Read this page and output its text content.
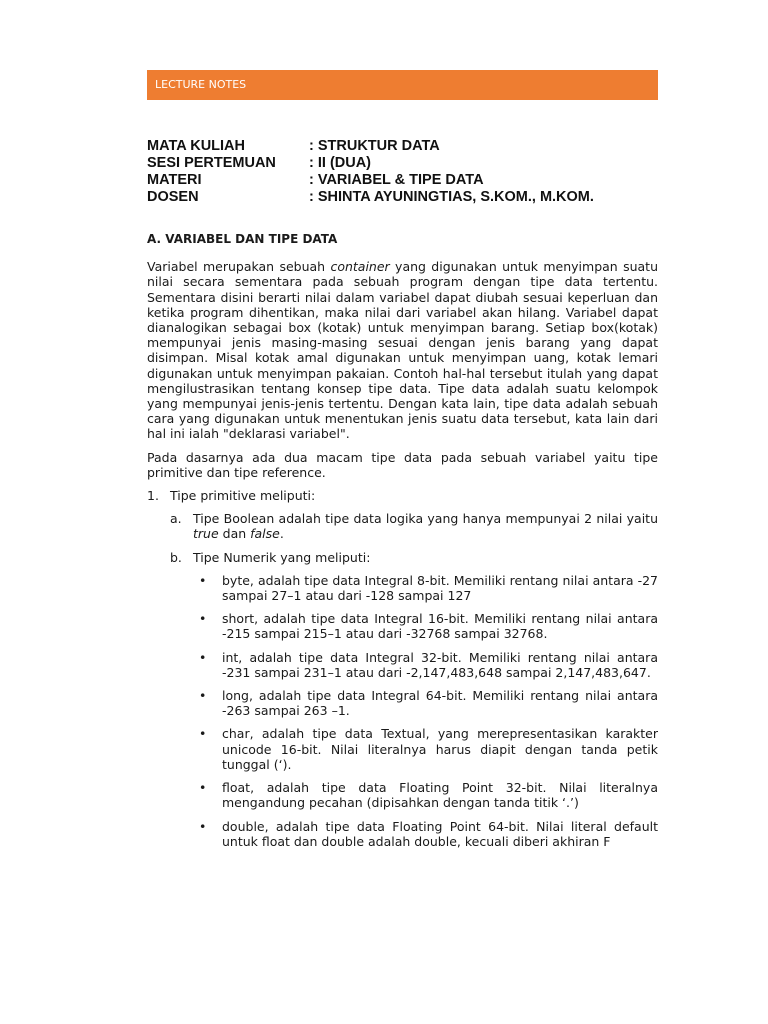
LECTURE NOTES
MATA KULIAH	: STRUKTUR DATA
SESI PERTEMUAN	: II (DUA)
MATERI	: VARIABEL & TIPE DATA
DOSEN	: SHINTA AYUNINGTIAS, S.KOM., M.KOM.
A. VARIABEL DAN TIPE DATA

Variabel merupakan sebuah container yang digunakan untuk menyimpan suatu nilai secara sementara pada sebuah program dengan tipe data tertentu. Sementara disini berarti nilai dalam variabel dapat diubah sesuai keperluan dan ketika program dihentikan, maka nilai dari variabel akan hilang. Variabel dapat dianalogikan sebagai box (kotak) untuk menyimpan barang. Setiap box(kotak) mempunyai jenis masing-masing sesuai dengan jenis barang yang dapat disimpan. Misal kotak amal digunakan untuk menyimpan uang, kotak lemari digunakan untuk menyimpan pakaian. Contoh hal-hal tersebut itulah yang dapat mengilustrasikan tentang konsep tipe data. Tipe data adalah suatu kelompok yang mempunyai jenis-jenis tertentu. Dengan kata lain, tipe data adalah sebuah cara yang digunakan untuk menentukan jenis suatu data tersebut, kata lain dari hal ini ialah "deklarasi variabel".

Pada dasarnya ada dua macam tipe data pada sebuah variabel yaitu tipe primitive dan tipe reference.

1. Tipe primitive meliputi:
a. Tipe Boolean adalah tipe data logika yang hanya mempunyai 2 nilai yaitu true dan false.
b. Tipe Numerik yang meliputi:
•	byte, adalah tipe data Integral 8-bit. Memiliki rentang nilai antara -27 sampai 27–1 atau dari -128 sampai 127
•	short, adalah tipe data Integral 16-bit. Memiliki rentang nilai antara -215 sampai 215–1 atau dari -32768 sampai 32768.
•	int, adalah tipe data Integral 32-bit. Memiliki rentang nilai antara -231 sampai 231–1 atau dari -2,147,483,648 sampai 2,147,483,647.
•	long, adalah tipe data Integral 64-bit. Memiliki rentang nilai antara -263 sampai 263 –1.
•	char, adalah tipe data Textual, yang merepresentasikan karakter unicode 16-bit. Nilai literalnya harus diapit dengan tanda petik tunggal (‘).
•	float, adalah tipe data Floating Point 32-bit. Nilai literalnya mengandung pecahan (dipisahkan dengan tanda titik ‘.’)
•	double, adalah tipe data Floating Point 64-bit. Nilai literal default untuk float dan double adalah double, kecuali diberi akhiran F
